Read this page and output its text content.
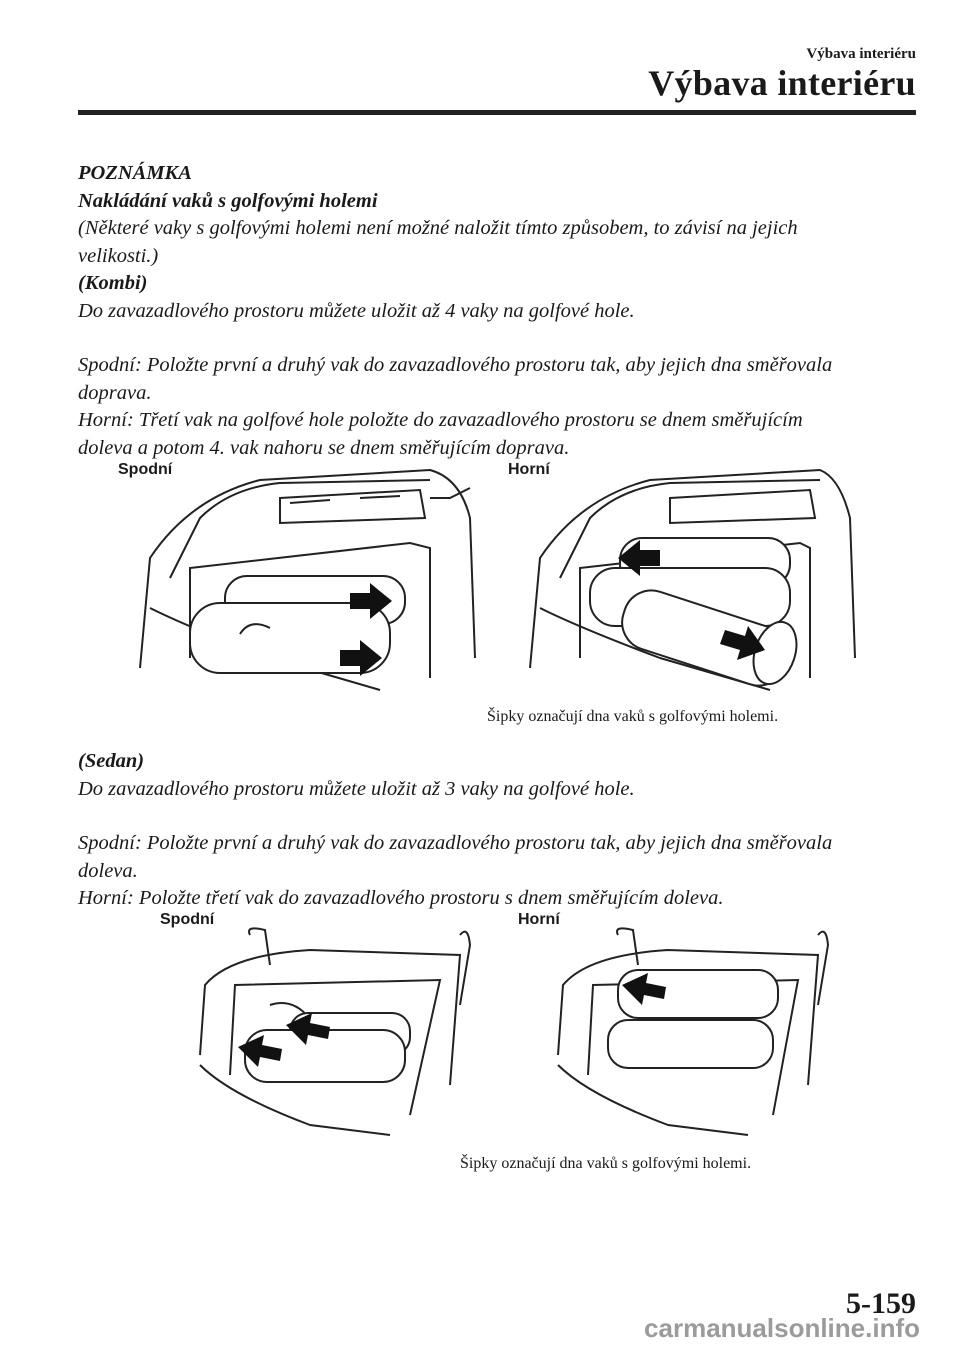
Výbava interiéru
Výbava interiéru

POZNÁMKA

Nakládání vaků s golfovými holemi

(Některé vaky s golfovými holemi není možné naložit tímto způsobem, to závisí na jejich

velikosti.)

(Kombi)

Do zavazadlového prostoru můžete uložit až 4 vaky na golfové hole.

Spodní: Položte první a druhý vak do zavazadlového prostoru tak, aby jejich dna směřovala

doprava.

Horní: Třetí vak na golfové hole položte do zavazadlového prostoru se dnem směřujícím

doleva a potom 4. vak nahoru se dnem směřujícím doprava.

Spodní	Horní
Šipky označují dna vaků s golfovými holemi.

(Sedan)

Do zavazadlového prostoru můžete uložit až 3 vaky na golfové hole.

Spodní: Položte první a druhý vak do zavazadlového prostoru tak, aby jejich dna směřovala

doleva.

Horní: Položte třetí vak do zavazadlového prostoru s dnem směřujícím doleva.

Spodní	Horní
Šipky označují dna vaků s golfovými holemi.
5-159
carmanualsonline.info
